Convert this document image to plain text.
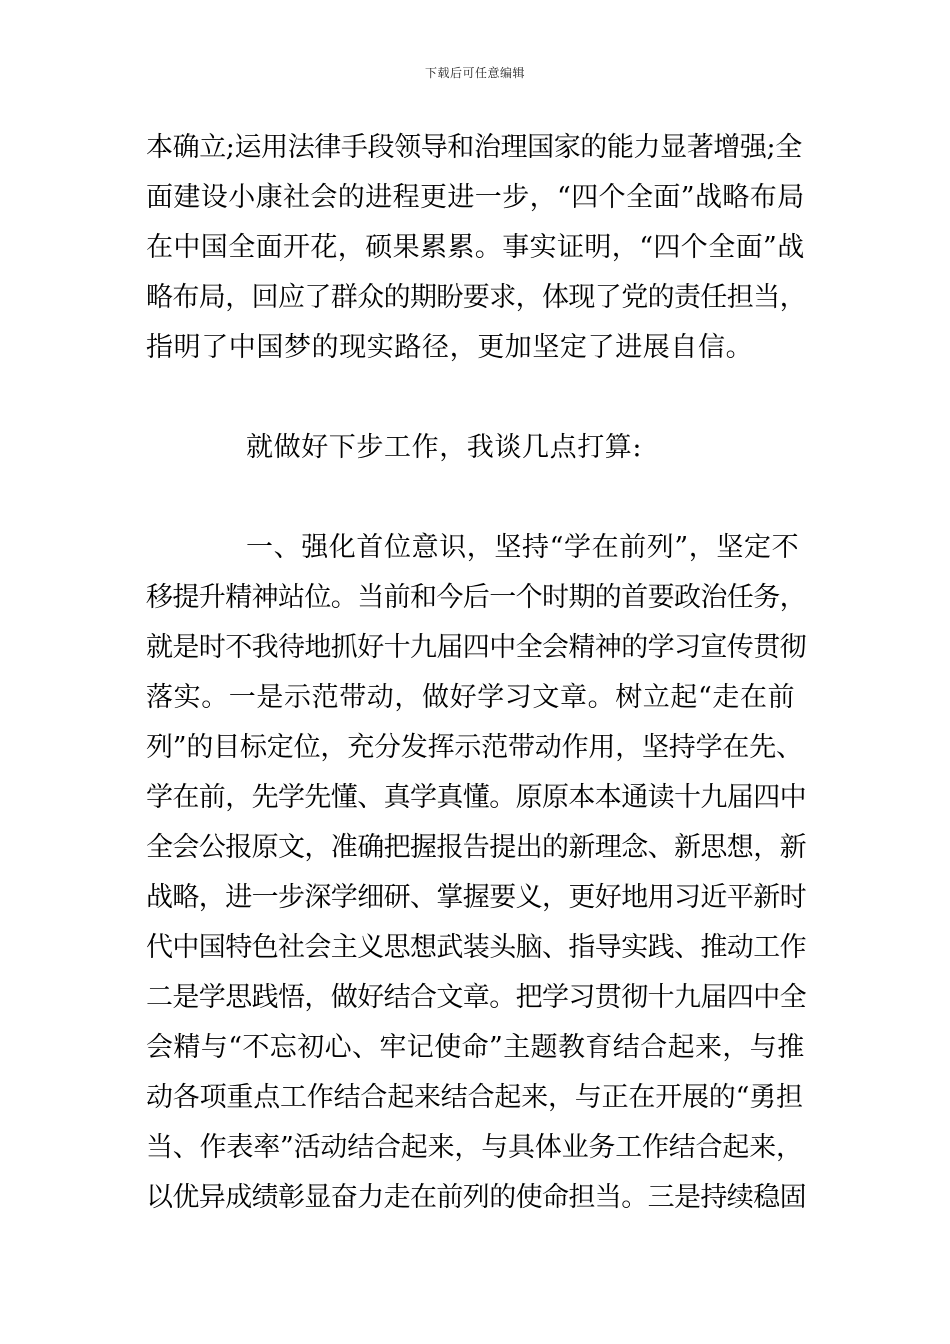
下载后可任意编辑
本确立;运用法律手段领导和治理国家的能力显著增强;全
面建设小康社会的进程更进一步，“四个全面”战略布局
在中国全面开花，硕果累累。事实证明，“四个全面”战
略布局，回应了群众的期盼要求，体现了党的责任担当，
指明了中国梦的现实路径，更加坚定了进展自信。
就做好下步工作，我谈几点打算:
一、强化首位意识，坚持“学在前列”，坚定不
移提升精神站位。当前和今后一个时期的首要政治任务，
就是时不我待地抓好十九届四中全会精神的学习宣传贯彻
落实。一是示范带动，做好学习文章。树立起“走在前
列”的目标定位，充分发挥示范带动作用，坚持学在先、
学在前，先学先懂、真学真懂。原原本本通读十九届四中
全会公报原文，准确把握报告提出的新理念、新思想，新
战略，进一步深学细研、掌握要义，更好地用习近平新时
代中国特色社会主义思想武装头脑、指导实践、推动工作
二是学思践悟，做好结合文章。把学习贯彻十九届四中全
会精与“不忘初心、牢记使命”主题教育结合起来，与推
动各项重点工作结合起来结合起来，与正在开展的“勇担
当、作表率”活动结合起来，与具体业务工作结合起来，
以优异成绩彰显奋力走在前列的使命担当。三是持续稳固
